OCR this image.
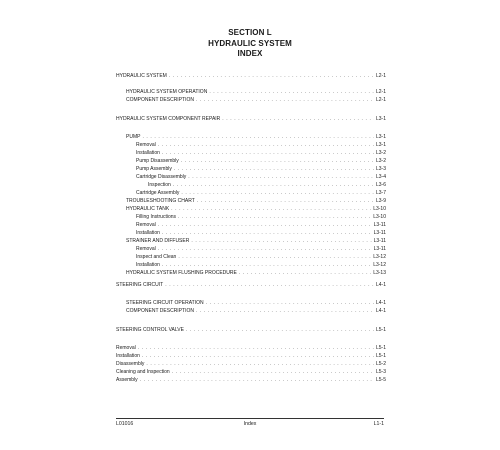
SECTION L
HYDRAULIC SYSTEM
INDEX
HYDRAULIC SYSTEM . . .	L2-1
HYDRAULIC SYSTEM OPERATION . . .	L2-1
COMPONENT DESCRIPTION . . .	L2-1
HYDRAULIC SYSTEM COMPONENT REPAIR . . .	L3-1
PUMP . . .	L3-1
Removal . . .	L3-1
Installation . . .	L3-2
Pump Disassembly . . .	L3-2
Pump Assembly . . .	L3-3
Cartridge Disassembly . . .	L3-4
Inspection . . .	L3-6
Cartridge Assembly . . .	L3-7
TROUBLESHOOTING CHART . . .	L3-9
HYDRAULIC TANK . . .	L3-10
Filling Instructions . . .	L3-10
Removal . . .	L3-11
Installation . . .	L3-11
STRAINER AND DIFFUSER . . .	L3-11
Removal . . .	L3-11
Inspect and Clean . . .	L3-12
Installation . . .	L3-12
HYDRAULIC SYSTEM FLUSHING PROCEDURE . . .	L3-13
STEERING CIRCUIT . . .	L4-1
STEERING CIRCUIT OPERATION . . .	L4-1
COMPONENT DESCRIPTION . . .	L4-1
STEERING CONTROL VALVE . . .	L5-1
Removal . . .	L5-1
Installation . . .	L5-1
Disassembly . . .	L5-2
Cleaning and Inspection . . .	L5-3
Assembly . . .	L5-5
L01016	Index	L1-1
